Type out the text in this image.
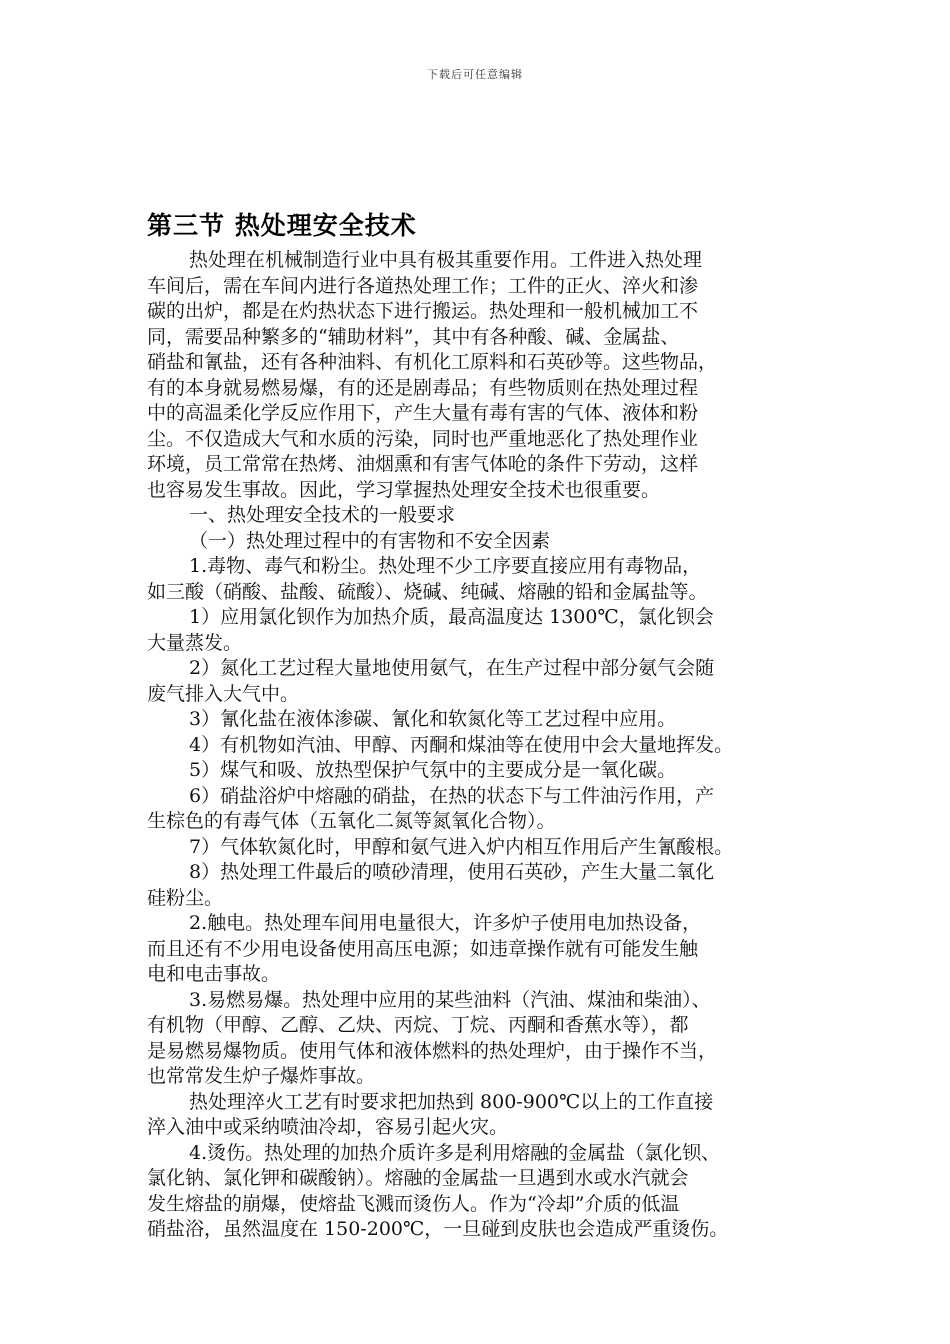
下载后可任意编辑
第三节 热处理安全技术
热处理在机械制造行业中具有极其重要作用。工件进入热处理
车间后，需在车间内进行各道热处理工作；工件的正火、淬火和渗
碳的出炉，都是在灼热状态下进行搬运。热处理和一般机械加工不
同，需要品种繁多的“辅助材料”，其中有各种酸、碱、金属盐、
硝盐和氰盐，还有各种油料、有机化工原料和石英砂等。这些物品，
有的本身就易燃易爆，有的还是剧毒品；有些物质则在热处理过程
中的高温柔化学反应作用下，产生大量有毒有害的气体、液体和粉
尘。不仅造成大气和水质的污染，同时也严重地恶化了热处理作业
环境，员工常常在热烤、油烟熏和有害气体呛的条件下劳动，这样
也容易发生事故。因此，学习掌握热处理安全技术也很重要。
一、热处理安全技术的一般要求
（一）热处理过程中的有害物和不安全因素
1.毒物、毒气和粉尘。热处理不少工序要直接应用有毒物品，
如三酸（硝酸、盐酸、硫酸）、烧碱、纯碱、熔融的铅和金属盐等。
1）应用氯化钡作为加热介质，最高温度达 1300℃，氯化钡会
大量蒸发。
2）氮化工艺过程大量地使用氨气，在生产过程中部分氨气会随
废气排入大气中。
3）氰化盐在液体渗碳、氰化和软氮化等工艺过程中应用。
4）有机物如汽油、甲醇、丙酮和煤油等在使用中会大量地挥发。
5）煤气和吸、放热型保护气氛中的主要成分是一氧化碳。
6）硝盐浴炉中熔融的硝盐，在热的状态下与工件油污作用，产
生棕色的有毒气体（五氧化二氮等氮氧化合物）。
7）气体软氮化时，甲醇和氨气进入炉内相互作用后产生氰酸根。
8）热处理工件最后的喷砂清理，使用石英砂，产生大量二氧化
硅粉尘。
2.触电。热处理车间用电量很大，许多炉子使用电加热设备，
而且还有不少用电设备使用高压电源；如违章操作就有可能发生触
电和电击事故。
3.易燃易爆。热处理中应用的某些油料（汽油、煤油和柴油）、
有机物（甲醇、乙醇、乙炔、丙烷、丁烷、丙酮和香蕉水等），都
是易燃易爆物质。使用气体和液体燃料的热处理炉，由于操作不当，
也常常发生炉子爆炸事故。
热处理淬火工艺有时要求把加热到 800-900℃以上的工作直接
淬入油中或采纳喷油冷却，容易引起火灾。
4.烫伤。热处理的加热介质许多是利用熔融的金属盐（氯化钡、
氯化钠、氯化钾和碳酸钠）。熔融的金属盐一旦遇到水或水汽就会
发生熔盐的崩爆，使熔盐飞溅而烫伤人。作为“冷却”介质的低温
硝盐浴，虽然温度在 150-200℃，一旦碰到皮肤也会造成严重烫伤。
